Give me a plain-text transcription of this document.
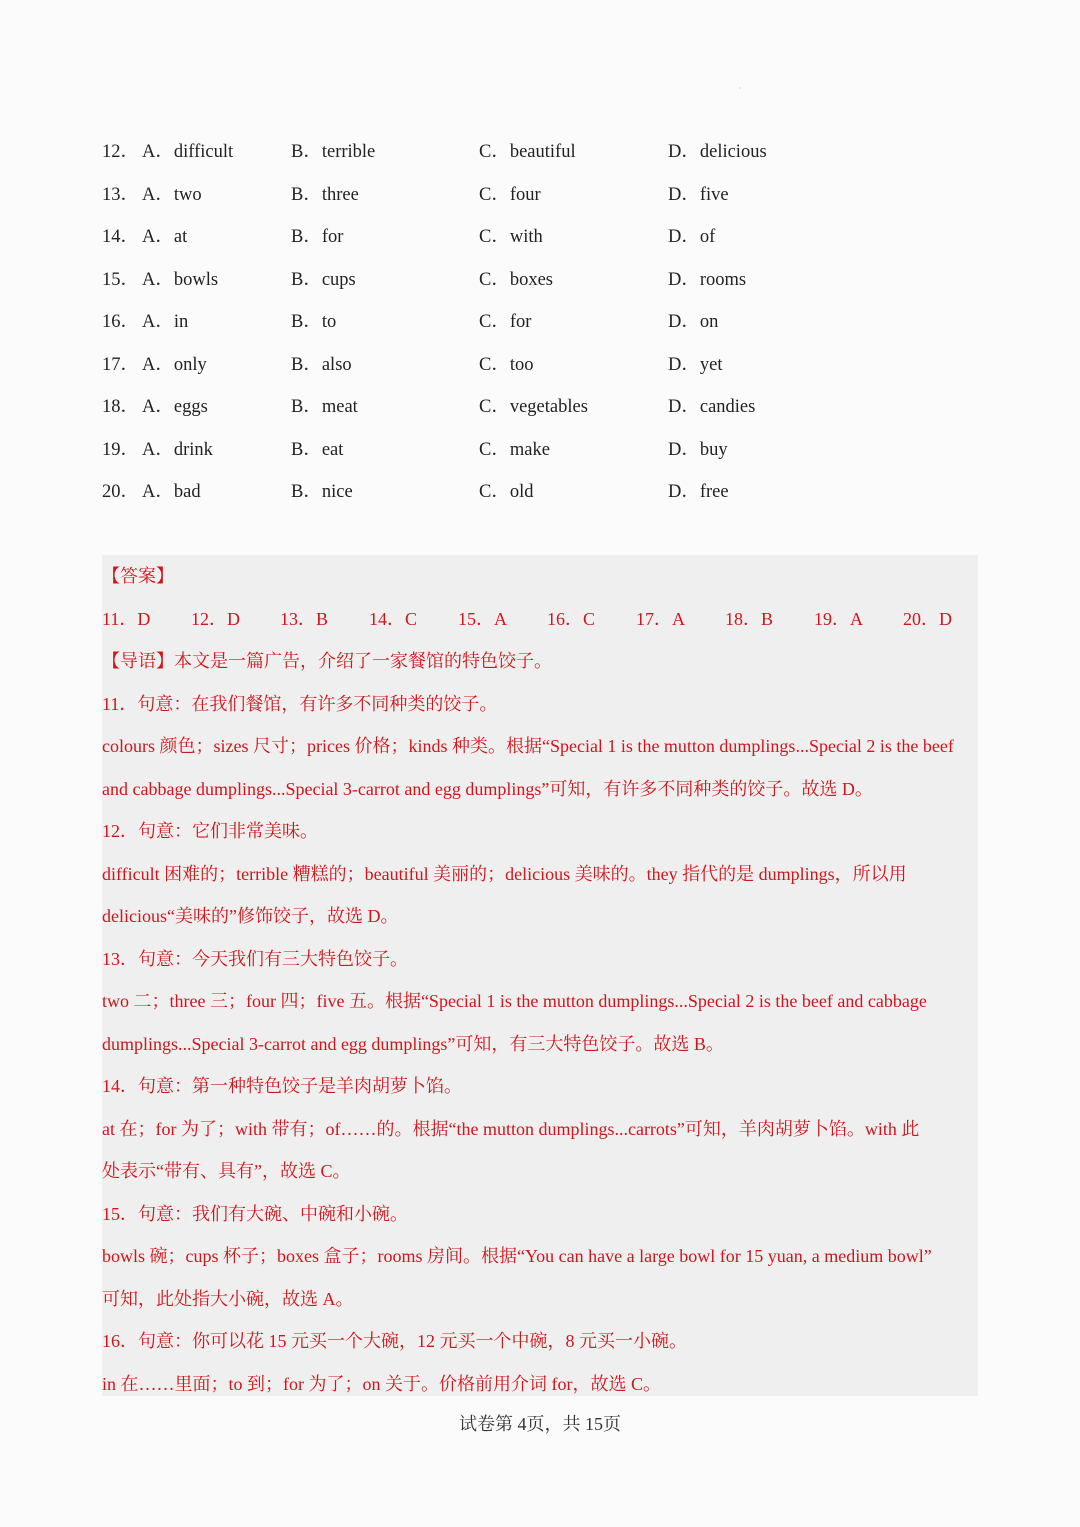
·
12． A．difficult	B．terrible	C．beautiful	D．delicious
13． A．two	B．three	C．four	D．five
14． A．at	B．for	C．with	D．of
15． A．bowls	B．cups	C．boxes	D．rooms
16． A．in	B．to	C．for	D．on
17． A．only	B．also	C．too	D．yet
18． A．eggs	B．meat	C．vegetables	D．candies
19． A．drink	B．eat	C．make	D．buy
20． A．bad	B．nice	C．old	D．free
【答案】
11．D 12．D 13．B 14．C 15．A 16．C 17．A 18．B 19．A 20．D
【导语】本文是一篇广告，介绍了一家餐馆的特色饺子。
11．句意：在我们餐馆，有许多不同种类的饺子。
colours 颜色；sizes 尺寸；prices 价格；kinds 种类。根据“Special 1 is the mutton dumplings...Special 2 is the beef
and cabbage dumplings...Special 3-carrot and egg dumplings”可知，有许多不同种类的饺子。故选 D。
12．句意：它们非常美味。
difficult 困难的；terrible 糟糕的；beautiful 美丽的；delicious 美味的。they 指代的是 dumplings，所以用
delicious“美味的”修饰饺子，故选 D。
13．句意：今天我们有三大特色饺子。
two 二；three 三；four 四；five 五。根据“Special 1 is the mutton dumplings...Special 2 is the beef and cabbage
dumplings...Special 3-carrot and egg dumplings”可知，有三大特色饺子。故选 B。
14．句意：第一种特色饺子是羊肉胡萝卜馅。
at 在；for 为了；with 带有；of……的。根据“the mutton dumplings...carrots”可知，羊肉胡萝卜馅。with 此
处表示“带有、具有”，故选 C。
15．句意：我们有大碗、中碗和小碗。
bowls 碗；cups 杯子；boxes 盒子；rooms 房间。根据“You can have a large bowl for 15 yuan, a medium bowl”
可知，此处指大小碗，故选 A。
16．句意：你可以花 15 元买一个大碗，12 元买一个中碗，8 元买一小碗。
in 在……里面；to 到；for 为了；on 关于。价格前用介词 for，故选 C。
试卷第 4页，共 15页
